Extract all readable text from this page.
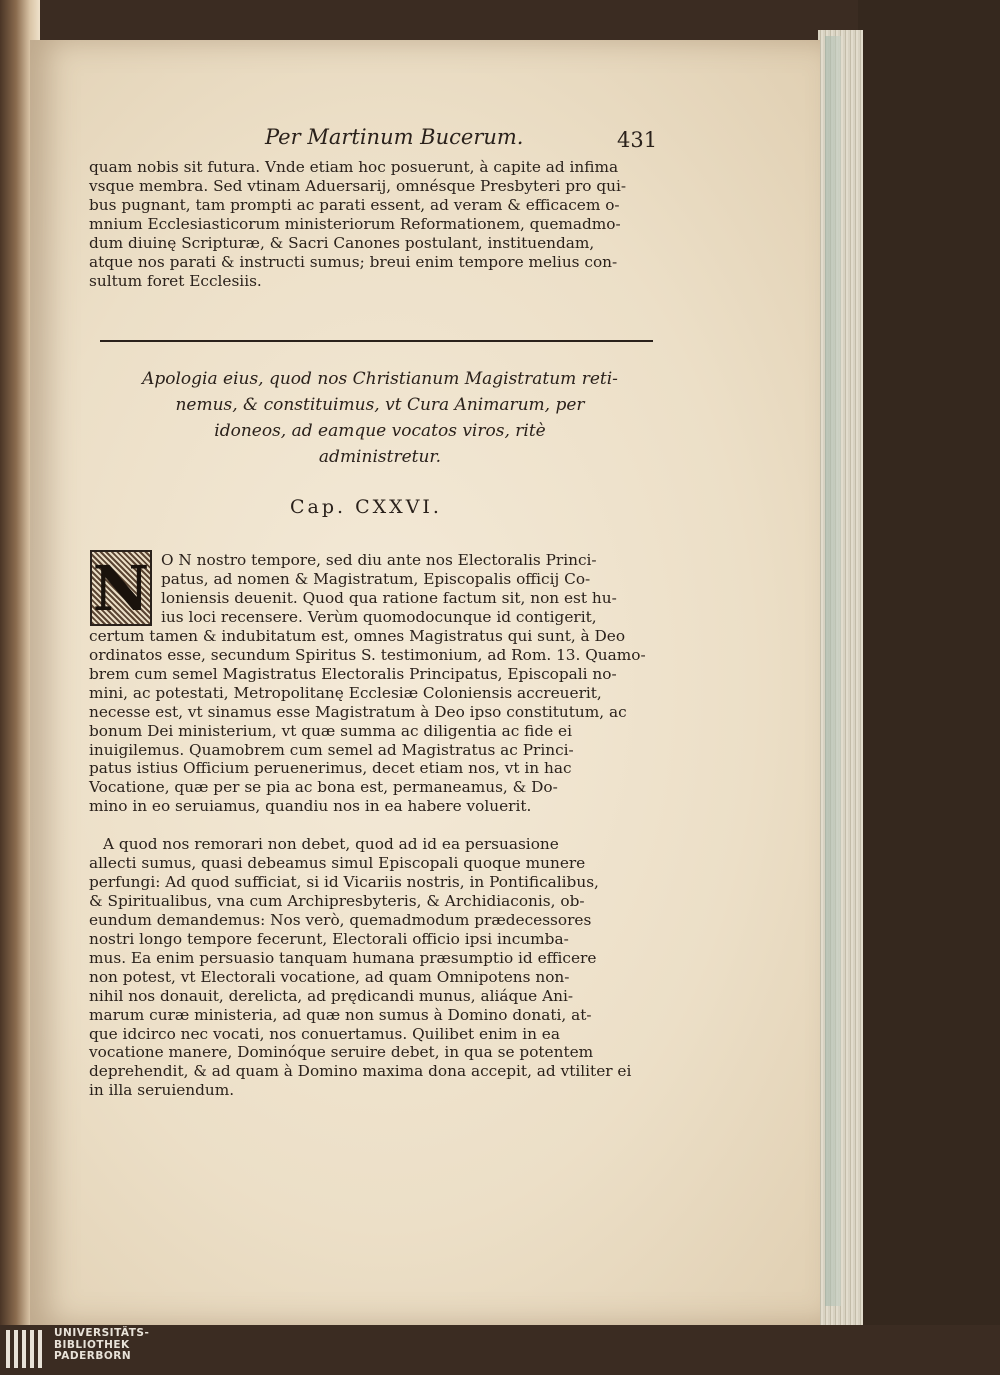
Per Martinum Bucerum.	431
quam nobis sit futura. Vnde etiam hoc posuerunt, à capite ad infima
vsque membra. Sed vtinam Aduersarij, omnésque Presbyteri pro qui-
bus pugnant, tam prompti ac parati essent, ad veram & efficacem o-
mnium Ecclesiasticorum ministeriorum Reformationem, quemadmo-
dum diuinę Scripturæ, & Sacri Canones postulant, instituendam,
atque nos parati & instructi sumus; breui enim tempore melius con-
sultum foret Ecclesiis.
Apologia eius, quod nos Christianum Magistratum reti-
nemus, & constituimus, vt Cura Animarum, per
idoneos, ad eamque vocatos viros, ritè
administretur.
Cap. CXXVI.
N O N nostro tempore, sed diu ante nos Electoralis Princi-
patus, ad nomen & Magistratum, Episcopalis officij Co-
loniensis deuenit. Quod qua ratione factum sit, non est hu-
ius loci recensere. Verùm quomodocunque id contigerit,
certum tamen & indubitatum est, omnes Magistratus qui sunt, à Deo
ordinatos esse, secundum Spiritus S. testimonium, ad Rom. 13. Quamo-
brem cum semel Magistratus Electoralis Principatus, Episcopali no-
mini, ac potestati, Metropolitanę Ecclesiæ Coloniensis accreuerit,
necesse est, vt sinamus esse Magistratum à Deo ipso constitutum, ac
bonum Dei ministerium, vt quæ summa ac diligentia ac fide ei
inuigilemus. Quamobrem cum semel ad Magistratus ac Princi-
patus istius Officium peruenerimus, decet etiam nos, vt in hac
Vocatione, quæ per se pia ac bona est, permaneamus, & Do-
mino in eo seruiamus, quandiu nos in ea habere voluerit.
A quod nos remorari non debet, quod ad id ea persuasione
allecti sumus, quasi debeamus simul Episcopali quoque munere
perfungi: Ad quod sufficiat, si id Vicariis nostris, in Pontificalibus,
& Spiritualibus, vna cum Archipresbyteris, & Archidiaconis, ob-
eundum demandemus: Nos verò, quemadmodum prædecessores
nostri longo tempore fecerunt, Electorali officio ipsi incumba-
mus. Ea enim persuasio tanquam humana præsumptio id efficere
non potest, vt Electorali vocatione, ad quam Omnipotens non-
nihil nos donauit, derelicta, ad prędicandi munus, aliáque Ani-
marum curæ ministeria, ad quæ non sumus à Domino donati, at-
que idcirco nec vocati, nos conuertamus. Quilibet enim in ea
vocatione manere, Dominóque seruire debet, in qua se potentem
deprehendit, & ad quam à Domino maxima dona accepit, ad vtiliter ei
in illa seruiendum.
UNIVERSITÄTS-
BIBLIOTHEK
PADERBORN
